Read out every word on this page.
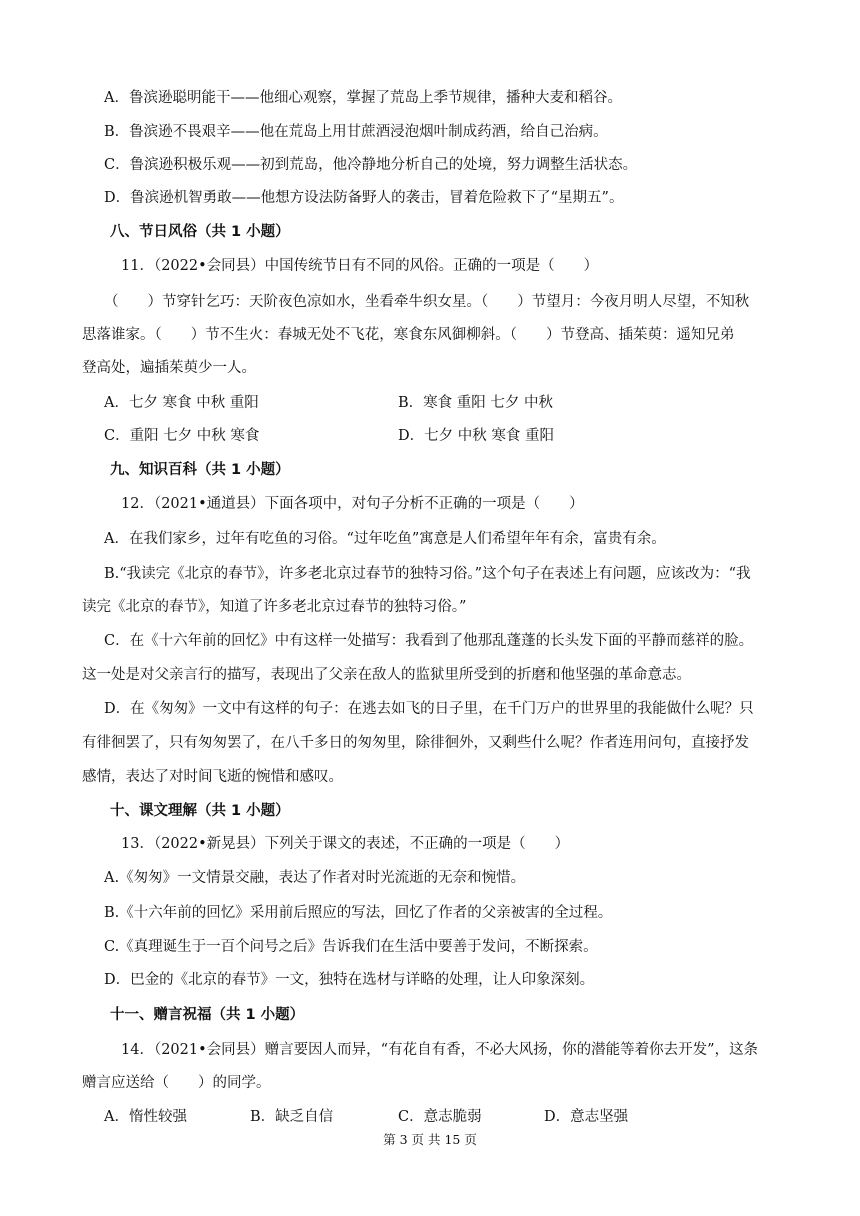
A．鲁滨逊聪明能干——他细心观察，掌握了荒岛上季节规律，播种大麦和稻谷。
B．鲁滨逊不畏艰辛——他在荒岛上用甘蔗酒浸泡烟叶制成药酒，给自己治病。
C．鲁滨逊积极乐观——初到荒岛，他冷静地分析自己的处境，努力调整生活状态。
D．鲁滨逊机智勇敢——他想方设法防备野人的袭击，冒着危险救下了“星期五”。
八、节日风俗（共 1 小题）
11．（2022•会同县）中国传统节日有不同的风俗。正确的一项是（　　）
（　　）节穿针乞巧：天阶夜色凉如水，坐看牵牛织女星。（　　）节望月：今夜月明人尽望，不知秋
思落谁家。（　　）节不生火：春城无处不飞花，寒食东风御柳斜。（　　）节登高、插茱萸：遥知兄弟
登高处，遍插茱萸少一人。
A．七夕 寒食 中秋 重阳	B．寒食 重阳 七夕 中秋
C．重阳 七夕 中秋 寒食	D．七夕 中秋 寒食 重阳
九、知识百科（共 1 小题）
12．（2021•通道县）下面各项中，对句子分析不正确的一项是（　　）
A．在我们家乡，过年有吃鱼的习俗。“过年吃鱼”寓意是人们希望年年有余，富贵有余。
B.“我读完《北京的春节》，许多老北京过春节的独特习俗。”这个句子在表述上有问题，应该改为：“我
读完《北京的春节》，知道了许多老北京过春节的独特习俗。”
C．在《十六年前的回忆》中有这样一处描写：我看到了他那乱蓬蓬的长头发下面的平静而慈祥的脸。
这一处是对父亲言行的描写，表现出了父亲在敌人的监狱里所受到的折磨和他坚强的革命意志。
D．在《匆匆》一文中有这样的句子：在逃去如飞的日子里，在千门万户的世界里的我能做什么呢？只
有徘徊罢了，只有匆匆罢了，在八千多日的匆匆里，除徘徊外，又剩些什么呢？作者连用问句，直接抒发
感情，表达了对时间飞逝的惋惜和感叹。
十、课文理解（共 1 小题）
13．（2022•新晃县）下列关于课文的表述，不正确的一项是（　　）
A.《匆匆》一文情景交融，表达了作者对时光流逝的无奈和惋惜。
B.《十六年前的回忆》采用前后照应的写法，回忆了作者的父亲被害的全过程。
C.《真理诞生于一百个问号之后》告诉我们在生活中要善于发问，不断探索。
D．巴金的《北京的春节》一文，独特在选材与详略的处理，让人印象深刻。
十一、赠言祝福（共 1 小题）
14．（2021•会同县）赠言要因人而异，“有花自有香，不必大风扬，你的潜能等着你去开发”，这条
赠言应送给（　　）的同学。
A．惰性较强	B．缺乏自信	C．意志脆弱	D．意志坚强
第 3 页 共 15 页
